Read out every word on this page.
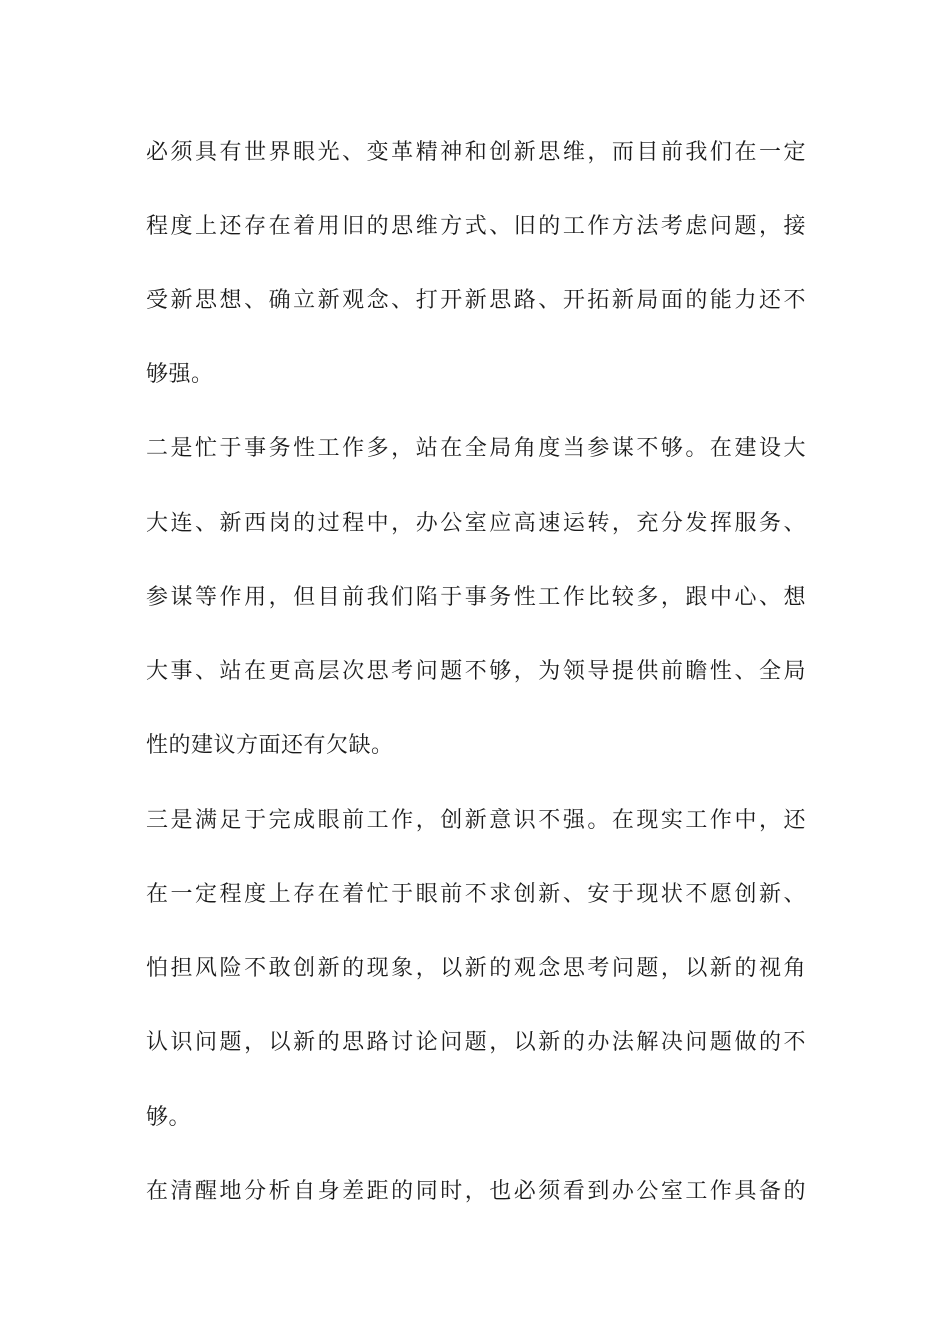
必须具有世界眼光、变革精神和创新思维，而目前我们在一定
程度上还存在着用旧的思维方式、旧的工作方法考虑问题，接
受新思想、确立新观念、打开新思路、开拓新局面的能力还不
够强。
二是忙于事务性工作多，站在全局角度当参谋不够。在建设大
大连、新西岗的过程中，办公室应高速运转，充分发挥服务、
参谋等作用，但目前我们陷于事务性工作比较多，跟中心、想
大事、站在更高层次思考问题不够，为领导提供前瞻性、全局
性的建议方面还有欠缺。
三是满足于完成眼前工作，创新意识不强。在现实工作中，还
在一定程度上存在着忙于眼前不求创新、安于现状不愿创新、
怕担风险不敢创新的现象，以新的观念思考问题，以新的视角
认识问题，以新的思路讨论问题，以新的办法解决问题做的不
够。
在清醒地分析自身差距的同时，也必须看到办公室工作具备的
